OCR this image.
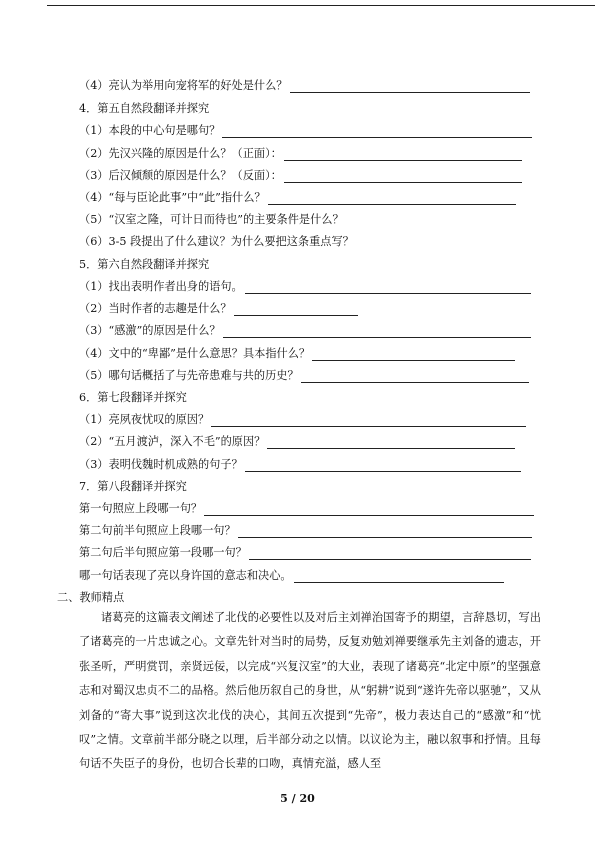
（4）亮认为举用向宠将军的好处是什么？
4．第五自然段翻译并探究
（1）本段的中心句是哪句？
（2）先汉兴隆的原因是什么？（正面）：
（3）后汉倾颓的原因是什么？（反面）：
（4）“每与臣论此事”中“此”指什么？
（5）“汉室之隆，可计日而待也”的主要条件是什么？
（6）3-5 段提出了什么建议？为什么要把这条重点写？
5．第六自然段翻译并探究
（1）找出表明作者出身的语句。
（2）当时作者的志趣是什么？
（3）“感激”的原因是什么？
（4）文中的“卑鄙”是什么意思？具本指什么？
（5）哪句话概括了与先帝患难与共的历史？
6．第七段翻译并探究
（1）亮夙夜忧叹的原因？
（2）“五月渡泸，深入不毛”的原因？
（3）表明伐魏时机成熟的句子？
7．第八段翻译并探究
第一句照应上段哪一句？
第二句前半句照应上段哪一句？
第二句后半句照应第一段哪一句？
哪一句话表现了亮以身许国的意志和决心。
二、教师精点

诸葛亮的这篇表文阐述了北伐的必要性以及对后主刘禅治国寄予的期望，言辞恳切，写出了诸葛亮的一片忠诚之心。文章先针对当时的局势，反复劝勉刘禅要继承先主刘备的遗志，开张圣听，严明赏罚，亲贤远佞，以完成“兴复汉室”的大业，表现了诸葛亮“北定中原”的坚强意志和对蜀汉忠贞不二的品格。然后他历叙自己的身世，从“躬耕”说到“遂许先帝以驱驰”，又从刘备的“寄大事”说到这次北伐的决心，其间五次提到“先帝”，极力表达自己的“感激”和“忧叹”之情。文章前半部分晓之以理，后半部分动之以情。以议论为主，融以叙事和抒情。且每句话不失臣子的身份，也切合长辈的口吻，真情充溢，感人至

5 / 20
